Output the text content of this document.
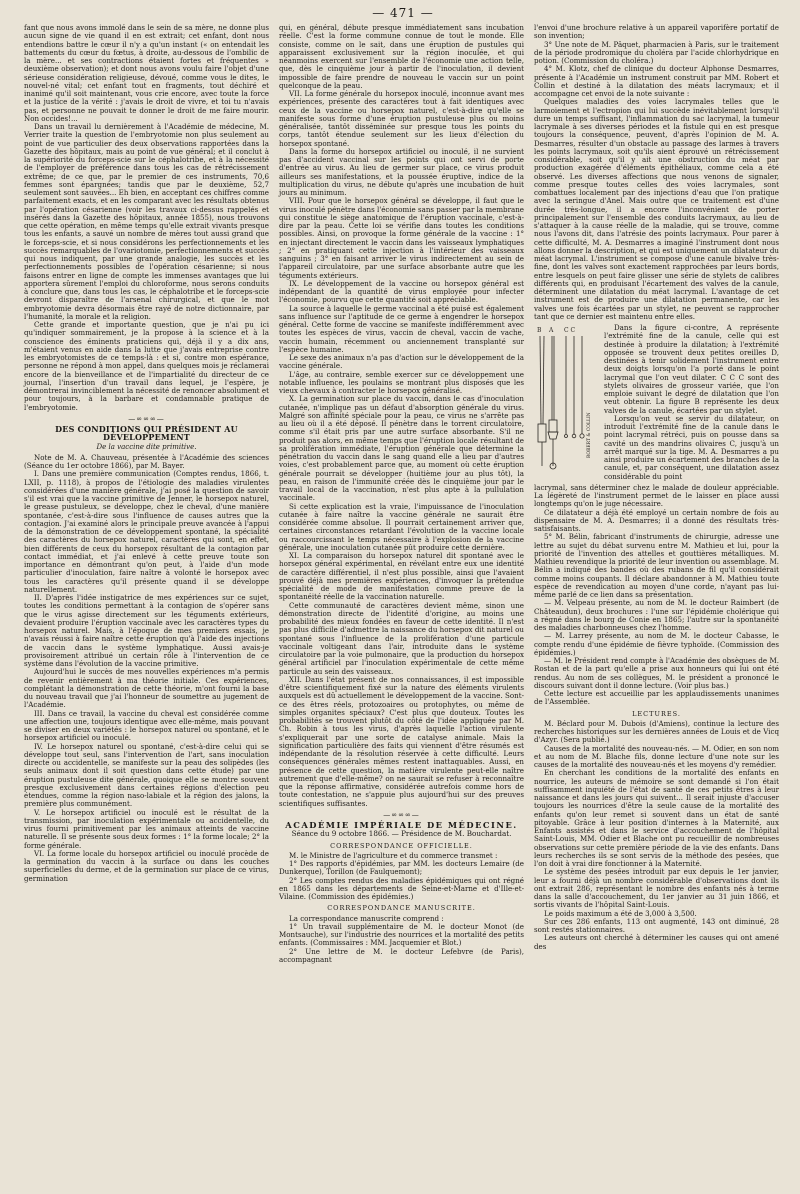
— 471 —

fant que nous avons immolé dans le sein de sa mère, ne donne plus aucun signe de vie quand il en est extrait; cet enfant, dont nous entendions battre le cœur il n'y a qu'un instant (« on entendait les battements du cœur du fœtus, à droite, au-dessous de l'ombilic de la mère... et ses contractions étaient fortes et fréquentes » deuxième observation); et dont nous avons voulu faire l'objet d'une sérieuse considération religieuse, dévoué, comme vous le dites, le nouvel-né vital; cet enfant tout en fragments, tout déchiré et inanimé qu'il soit maintenant, vous crie encore, avec toute la force et la justice de la vérité : j'avais le droit de vivre, et toi tu n'avais pas, et personne ne pouvait te donner le droit de me faire mourir. Non occides!...

Dans un travail lu dernièrement à l'Académie de médecine, M. Verrier traite la question de l'embryotomie non plus seulement au point de vue particulier des deux observations rapportées dans la Gazette des hôpitaux, mais au point de vue général; et il conclut à la supériorité du forceps-scie sur le céphalotribe, et à la nécessité de l'employer de préférence dans tous les cas de rétrécissement extrême; de ce que, par le premier de ces instruments, 70,6 femmes sont épargnées; tandis que par le deuxième, 52,7 seulement sont sauvées... Eh bien, en acceptant ces chiffres comme parfaitement exacts, et en les comparant avec les résultats obtenus par l'opération césarienne (voir les travaux ci-dessus rappelés et insérés dans la Gazette des hôpitaux, année 1855), nous trouvons que cette opération, en même temps qu'elle extrait vivants presque tous les enfants, a sauvé un nombre de mères tout aussi grand que le forceps-scie, et si nous considérons les perfectionnements et les succès remarquables de l'ovariotomie, perfectionnements et succès qui nous indiquent, par une grande analogie, les succès et les perfectionnements possibles de l'opération césarienne; si nous faisons entrer en ligne de compte les immenses avantages que lui apportera sûrement l'emploi du chloroforme, nous serons conduits à conclure que, dans tous les cas, le céphalotribe et le forceps-scie devront disparaître de l'arsenal chirurgical, et que le mot embryotomie devra désormais être rayé de notre dictionnaire, par l'humanité, la morale et la religion.

Cette grande et importante question, que je n'ai pu ici qu'indiquer sommairement, je la propose à la science et à la conscience des éminents praticiens qui, déjà il y a dix ans, m'étaient venus en aide dans la lutte que j'avais entreprise contre les embryotomistes de ce temps-là : et si, contre mon espérance, personne ne répond à mon appel, dans quelques mois je réclamerai encore de la bienveillance et de l'impartialité du directeur de ce journal, l'insertion d'un travail dans lequel, je l'espère, je démontrerai invinciblement la nécessité de renoncer absolument et pour toujours, à la barbare et condamnable pratique de l'embryotomie.

—∞∞∞—
DES CONDITIONS QUI PRÉSIDENT AU DÉVELOPPEMENT
De la vaccine dite primitive.

Note de M. A. Chauveau, présentée à l'Académie des sciences (Séance du 1er octobre 1866), par M. Bayer.

I. Dans une première communication (Comptes rendus, 1866, t. LXII, p. 1118), à propos de l'étiologie des maladies virulentes considérées d'une manière générale, j'ai posé la question de savoir s'il est vrai que la vaccine primitive de Jenner, le horsepox naturel, le grease pustuleux, se développe, chez le cheval, d'une manière spontanée, c'est-à-dire sous l'influence de causes autres que la contagion. J'ai examiné alors le principale preuve avancée à l'appui de la démonstration de ce développement spontané, la spécialité des caractères du horsepox naturel, caractères qui sont, en effet, bien différents de ceux du horsepox résultant de la contagion par contact immédiat, et j'ai enlevé à cette preuve toute son importance en démontrant qu'on peut, à l'aide d'un mode particulier d'inoculation, faire naître à volonté le horsepox avec tous les caractères qu'il présente quand il se développe naturellement.

II. D'après l'idée instigatrice de mes expériences sur ce sujet, toutes les conditions permettant à la contagion de s'opérer sans que le virus agisse directement sur les téguments extérieurs, devaient produire l'éruption vaccinale avec les caractères types du horsepox naturel. Mais, à l'époque de mes premiers essais, je n'avais réussi à faire naître cette éruption qu'à l'aide des injections de vaccin dans le système lymphatique. Aussi avais-je provisoirement attribué un certain rôle à l'intervention de ce système dans l'évolution de la vaccine primitive.

Aujourd'hui le succès de mes nouvelles expériences m'a permis de revenir entièrement à ma théorie initiale. Ces expériences, complétant la démonstration de cette théorie, m'ont fourni la base du nouveau travail que j'ai l'honneur de soumettre au jugement de l'Académie.

III. Dans ce travail, la vaccine du cheval est considérée comme une affection une, toujours identique avec elle-même, mais pouvant se diviser en deux variétés : le horsepox naturel ou spontané, et le horsepox artificiel ou inoculé.

IV. Le horsepox naturel ou spontané, c'est-à-dire celui qui se développe tout seul, sans l'intervention de l'art, sans inoculation directe ou accidentelle, se manifeste sur la peau des solipèdes (les seuls animaux dont il soit question dans cette étude) par une éruption pustuleuse dite générale, quoique elle se montre souvent presque exclusivement dans certaines régions d'élection peu étendues, comme la région naso-labiale et la région des jalons, la première plus communément.

V. Le horsepox artificiel ou inoculé est le résultat de la transmission, par inoculation expérimentale ou accidentelle, du virus fourni primitivement par les animaux atteints de vaccine naturelle. Il se présente sous deux formes : 1° la forme locale; 2° la forme générale.

VI. La forme locale du horsepox artificiel ou inoculé procède de la germination du vaccin à la surface ou dans les couches superficielles du derme, et de la germination sur place de ce virus, germination

qui, en général, débute presque immédiatement sans incubation réelle. C'est la forme commune connue de tout le monde. Elle consiste, comme on le sait, dans une éruption de pustules qui apparaissent exclusivement sur la région inoculée, et qui néanmoins exercent sur l'ensemble de l'économie une action telle, que, dès le cinquième jour à partir de l'inoculation, il devient impossible de faire prendre de nouveau le vaccin sur un point quelconque de la peau.

VII. La forme générale du horsepox inoculé, inconnue avant mes expériences, présente des caractères tout à fait identiques avec ceux de la vaccine ou horsepox naturel, c'est-à-dire qu'elle se manifeste sous forme d'une éruption pustuleuse plus ou moins généralisée, tantôt disséminée sur presque tous les points du corps, tantôt étendue seulement sur les lieux d'élection du horsepox spontané.

Dans la forme du horsepox artificiel ou inoculé, il ne survient pas d'accident vaccinal sur les points qui ont servi de porte d'entrée au virus. Au lieu de germer sur place, ce virus produit ailleurs ses manifestations, et la poussée éruptive, indice de la multiplication du virus, ne débute qu'après une incubation de huit jours au minimum.

VIII. Pour que le horsepox général se développe, il faut que le virus inoculé pénètre dans l'économie sans passer par la membrane qui constitue le siège anatomique de l'éruption vaccinale, c'est-à-dire par la peau. Cette loi se vérifie dans toutes les conditions possibles. Ainsi, on provoque la forme générale de la vaccine : 1° en injectant directement le vaccin dans les vaisseaux lymphatiques ; 2° en pratiquant cette injection à l'intérieur des vaisseaux sanguins ; 3° en faisant arriver le virus indirectement au sein de l'appareil circulatoire, par une surface absorbante autre que les téguments extérieurs.

IX. Le développement de la vaccine ou horsepox général est indépendant de la quantité de virus employée pour infecter l'économie, pourvu que cette quantité soit appréciable.

La source à laquelle le germe vaccinal a été puisé est également sans influence sur l'aptitude de ce germe à engendrer le horsepox général. Cette forme de vaccine se manifeste indifféremment avec toutes les espèces de virus, vaccin de cheval, vaccin de vache, vaccin humain, récemment ou anciennement transplanté sur l'espèce humaine.

Le sexe des animaux n'a pas d'action sur le développement de la vaccine générale.

L'âge, au contraire, semble exercer sur ce développement une notable influence, les poulains se montrant plus disposés que les vieux chevaux à contracter le horsepox généralisé.

X. La germination sur place du vaccin, dans le cas d'inoculation cutanée, n'implique pas un défaut d'absorption générale du virus. Malgré son affinité spéciale pour la peau, ce virus ne s'arrête pas au lieu où il a été déposé. Il pénètre dans le torrent circulatoire, comme s'il était pris par une autre surface absorbante. S'il ne produit pas alors, en même temps que l'éruption locale résultant de sa prolifération immédiate, l'éruption générale que détermine la pénétration du vaccin dans le sang quand elle a lieu par d'autres voies, c'est probablement parce que, au moment où cette éruption générale pourrait se développer (huitième jour au plus tôt), la peau, en raison de l'immunité créée dès le cinquième jour par le travail local de la vaccination, n'est plus apte à la pullulation vaccinale.

Si cette explication est la vraie, l'impuissance de l'inoculation cutanée à faire naître la vaccine générale ne saurait être considérée comme absolue. Il pourrait certainement arriver que, certaines circonstances retardant l'évolution de la vaccine locale ou raccourcissant le temps nécessaire à l'explosion de la vaccine générale, une inoculation cutanée pût produire cette dernière.

XI. La comparaison du horsepox naturel dit spontané avec le horsepox général expérimental, en révélant entre eux une identité de caractère différentiel, il n'est plus possible, ainsi que l'avaient prouvé déjà mes premières expériences, d'invoquer la prétendue spécialité de mode de manifestation comme preuve de la spontanéité réelle de la vaccination naturelle.

Cette communauté de caractères devient même, sinon une démonstration directe de l'identité d'origine, au moins une probabilité des mieux fondées en faveur de cette identité. Il n'est pas plus difficile d'admettre la naissance du horsepox dit naturel ou spontané sous l'influence de la prolifération d'une particule vaccinale voltigeant dans l'air, introduite dans le système circulatoire par la voie pulmonaire, que la production du horsepox général artificiel par l'inoculation expérimentale de cette même particule au sein des vaisseaux.

XII. Dans l'état présent de nos connaissances, il est impossible d'être scientifiquement fixé sur la nature des éléments virulents auxquels est dû actuellement le développement de la vaccine. Sont-ce des êtres réels, protozoaires ou protophytes, ou même de simples organites spéciaux? C'est plus que douteux. Toutes les probabilités se trouvent plutôt du côté de l'idée appliquée par M. Ch. Robin à tous les virus, d'après laquelle l'action virulente s'expliquerait par une sorte de catalyse animale. Mais la signification particulière des faits qui viennent d'être résumés est indépendante de la résolution réservée à cette difficulté. Leurs conséquences générales mêmes restent inattaquables. Aussi, en présence de cette question, la matière virulente peut-elle naître autrement que d'elle-même? on ne saurait se refuser à reconnaître que la réponse affirmative, considérée autrefois comme hors de toute contestation, ne s'appuie plus aujourd'hui sur des preuves scientifiques suffisantes.

—∞∞∞—
ACADÉMIE IMPÉRIALE DE MÉDECINE.
Séance du 9 octobre 1866. — Présidence de M. Bouchardat.
CORRESPONDANCE OFFICIELLE.

M. le Ministre de l'agriculture et du commerce transmet :

1° Des rapports d'épidémies, par MM. les docteurs Lemaire (de Dunkerque), Torillon (de Faulquemont);

2° Les comptes rendus des maladies épidémiques qui ont régné en 1865 dans les départements de Seine-et-Marne et d'Ille-et-Vilaine. (Commission des épidémies.)

CORRESPONDANCE MANUSCRITE.

La correspondance manuscrite comprend :

1° Un travail supplémentaire de M. le docteur Monot (de Montsauche), sur l'industrie des nourrices et la mortalité des petits enfants. (Commissaires : MM. Jacquemier et Blot.)

2° Une lettre de M. le docteur Lefebvre (de Paris), accompagnant

l'envoi d'une brochure relative à un appareil vaporifère portatif de son invention;

3° Une note de M. Pâquet, pharmacien à Paris, sur le traitement de la période prodromique du choléra par l'acide chlorhydrique en potion. (Commission du choléra.)

4° M. Klotz, chef de clinique du docteur Alphonse Desmarres, présente à l'Académie un instrument construit par MM. Robert et Collin et destiné à la dilatation des méats lacrymaux; et il accompagne cet envoi de la note suivante :

Quelques maladies des voies lacrymales telles que le larmoiement et l'ectropion qui lui succède inévitablement lorsqu'il dure un temps suffisant, l'inflammation du sac lacrymal, la tumeur lacrymale à ses diverses périodes et la fistule qui en est presque toujours la conséquence, peuvent, d'après l'opinion de M. A. Desmarres, résulter d'un obstacle au passage des larmes à travers les points lacrymaux, soit qu'ils aient éprouvé un rétrécissement considérable, soit qu'il y ait une obstruction du méat par production exagérée d'éléments épithéliaux, comme cela a été observé. Les diverses affections que nous venons de signaler, comme presque toutes celles des voies lacrymales, sont combattues localement par des injections d'eau que l'on pratique avec la seringue d'Anel. Mais outre que ce traitement est d'une durée très-longue, il a encore l'inconvénient de porter principalement sur l'ensemble des conduits lacrymaux, au lieu de s'attaquer à la cause réelle de la maladie, qui se trouve, comme nous l'avons dit, dans l'atrésie des points lacrymaux. Pour parer à cette difficulté, M. A. Desmarres a imaginé l'instrument dont nous allons donner la description, et qui est uniquement un dilatateur du méat lacrymal. L'instrument se compose d'une canule bivalve très-fine, dont les valves sont exactement rapprochées par leurs bords, entre lesquels on peut faire glisser une série de stylets de calibres différents qui, en produisant l'écartement des valves de la canule, déterminent une dilatation du méat lacrymal. L'avantage de cet instrument est de produire une dilatation permanente, car les valves une fois écartées par un stylet, ne peuvent se rapprocher tant que ce dernier est maintenu entre elles.

B A C C
ROBERT & COLLIN

Dans la figure ci-contre, A représente l'extrémité fine de la canule, celle qui est destinée à produire la dilatation; à l'extrémité opposée se trouvent deux petites oreilles D, destinées à tenir solidement l'instrument entre deux doigts lorsqu'on l'a porté dans le point lacrymal que l'on veut dilater. C C C sont des stylets olivaires de grosseur variée, que l'on emploie suivant le degré de dilatation que l'on veut obtenir. La figure B représente les deux valves de la canule, écartées par un stylet.

Lorsqu'on veut se servir du dilatateur, on introduit l'extrémité fine de la canule dans le point lacrymal rétréci, puis on pousse dans sa cavité un des mandrins olivaires C, jusqu'à un arrêt marqué sur la tige. M. A. Desmarres a pu ainsi produire un écartement des branches de la canule, et, par conséquent, une dilatation assez considérable du point

lacrymal, sans déterminer chez le malade de douleur appréciable. La légèreté de l'instrument permet de le laisser en place aussi longtemps qu'on le juge nécessaire.

Ce dilatateur a déjà été employé un certain nombre de fois au dispensaire de M. A. Desmarres; il a donné des résultats très-satisfaisants.

5° M. Bélin, fabricant d'instruments de chirurgie, adresse une lettre au sujet du débat survenu entre M. Mathieu et lui, pour la priorité de l'invention des attelles et gouttières métalliques. M. Mathieu revendique la priorité de leur invention ou assemblage. M. Bélin a indiqué des bandes où des rubans de fil qu'il considérait comme moins coupants. Il déclare abandonner à M. Mathieu toute espèce de revendication au moyen d'une corde, n'ayant pas lui-même parlé de ce lien dans sa présentation.

— M. Velpeau présente, au nom de M. le docteur Raimbert (de Châteaudun), deux brochures : l'une sur l'épidémie cholérique qui a régné dans le bourg de Conie en 1865; l'autre sur la spontanéité des maladies charbonneuses chez l'homme.

— M. Larrey présente, au nom de M. le docteur Cabasse, le compte rendu d'une épidémie de fièvre typhoïde. (Commission des épidémies.)

— M. le Président rend compte à l'Académie des obsèques de M. Rostan et de la part qu'elle a prise aux honneurs qui lui ont été rendus. Au nom de ses collègues, M. le président a prononcé le discours suivant dont il donne lecture. (Voir plus bas.)

Cette lecture est accueillie par les applaudissements unanimes de l'Assemblée.

LECTURES.

M. Béclard pour M. Dubois (d'Amiens), continue la lecture des recherches historiques sur les dernières années de Louis et de Vicq d'Azyr. (Sera publié.)

Causes de la mortalité des nouveau-nés. — M. Odier, en son nom et au nom de M. Blache fils, donne lecture d'une note sur les causes de la mortalité des nouveau-nés et les moyens d'y remédier.

En cherchant les conditions de la mortalité des enfants en nourrice, les auteurs de mémoire se sont demandé si l'on était suffisamment inquiété de l'état de santé de ces petits êtres à leur naissance et dans les jours qui suivent... Il serait injuste d'accuser toujours les nourrices d'être la seule cause de la mortalité des enfants qu'on leur remet si souvent dans un état de santé pitoyable. Grâce à leur position d'internes à la Maternité, aux Enfants assistés et dans le service d'accouchement de l'hôpital Saint-Louis, MM. Odier et Blache ont pu recueillir de nombreuses observations sur cette première période de la vie des enfants. Dans leurs recherches ils se sont servis de la méthode des pesées, que l'on doit à vrai dire fonctionner à la Maternité.

Le système des pesées introduit par eux depuis le 1er janvier, leur a fourni déjà un nombre considérable d'observations dont ils ont extrait 286, représentant le nombre des enfants nés à terme dans la salle d'accouchement, du 1er janvier au 31 juin 1866, et sortis vivants de l'hôpital Saint-Louis.

Le poids maximum a été de 3,000 à 3,500.

Sur ces 286 enfants, 113 ont augmenté, 143 ont diminué, 28 sont restés stationnaires.

Les auteurs ont cherché à déterminer les causes qui ont amené des
